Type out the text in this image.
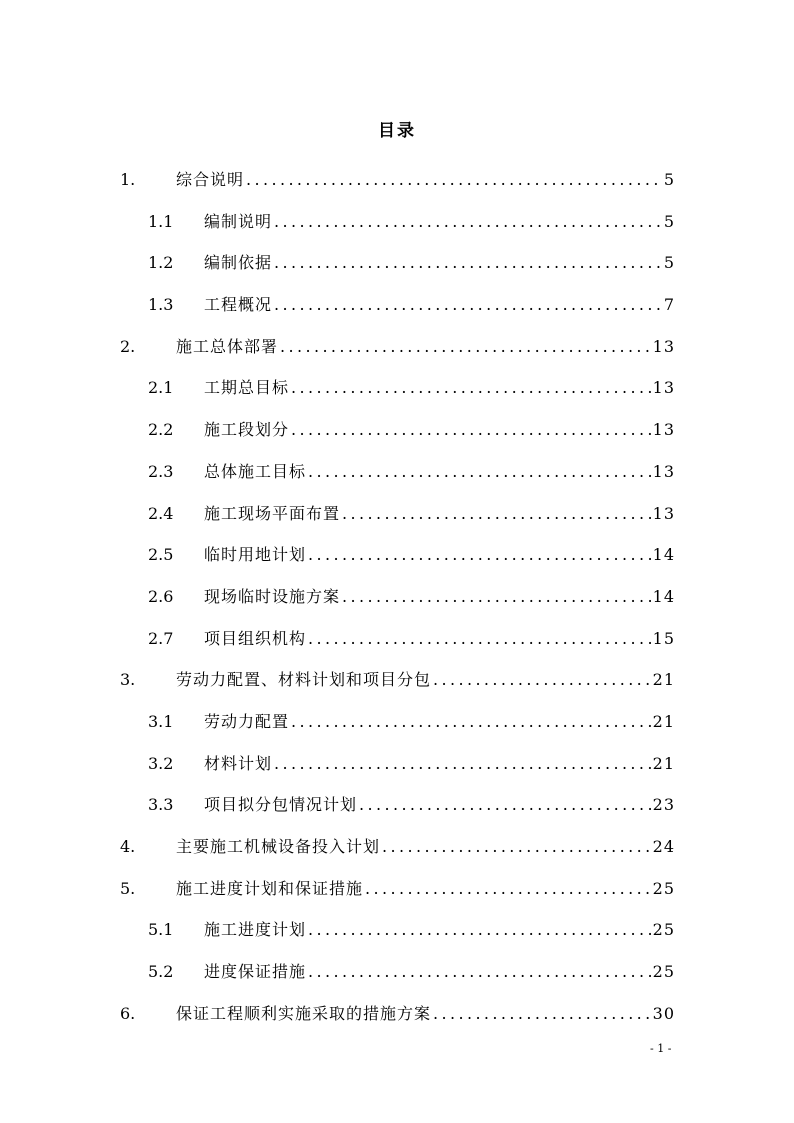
目录
1.	综合说明 .....	5
1.1	编制说明 .....	5
1.2	编制依据 .....	5
1.3	工程概况 .....	7
2.	施工总体部署 .....	13
2.1	工期总目标 .....	13
2.2	施工段划分 .....	13
2.3	总体施工目标 .....	13
2.4	施工现场平面布置 .....	13
2.5	临时用地计划 .....	14
2.6	现场临时设施方案 .....	14
2.7	项目组织机构 .....	15
3.	劳动力配置、材料计划和项目分包 .....	21
3.1	劳动力配置 .....	21
3.2	材料计划 .....	21
3.3	项目拟分包情况计划 .....	23
4.	主要施工机械设备投入计划 .....	24
5.	施工进度计划和保证措施 .....	25
5.1	施工进度计划 .....	25
5.2	进度保证措施 .....	25
6.	保证工程顺利实施采取的措施方案 .....	30
- 1 -
